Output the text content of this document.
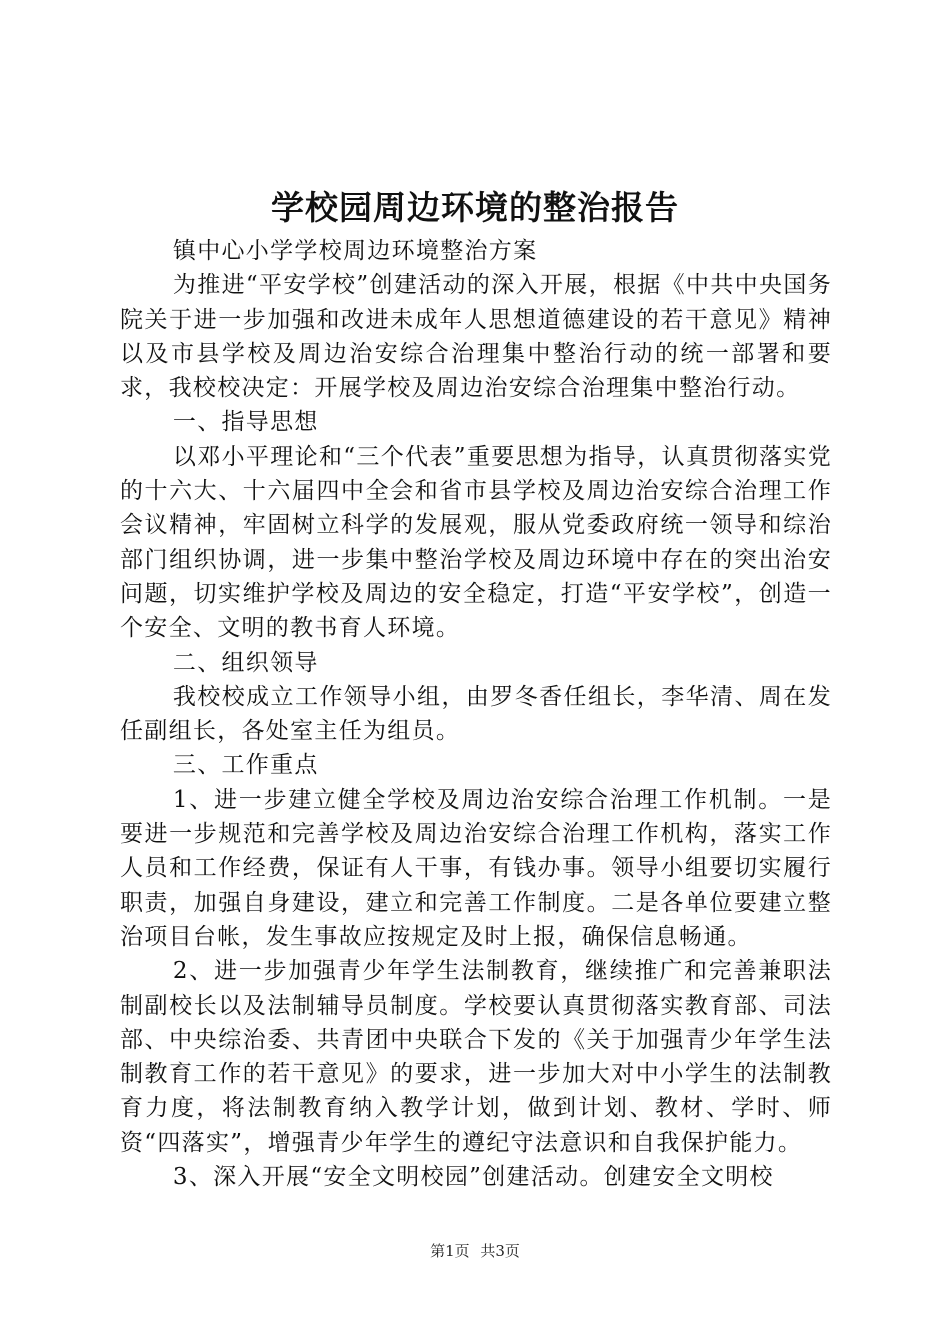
学校园周边环境的整治报告

镇中心小学学校周边环境整治方案

为推进“平安学校”创建活动的深入开展，根据《中共中央国务院关于进一步加强和改进未成年人思想道德建设的若干意见》精神以及市县学校及周边治安综合治理集中整治行动的统一部署和要求，我校校决定：开展学校及周边治安综合治理集中整治行动。

一、指导思想

以邓小平理论和“三个代表”重要思想为指导，认真贯彻落实党的十六大、十六届四中全会和省市县学校及周边治安综合治理工作会议精神，牢固树立科学的发展观，服从党委政府统一领导和综治部门组织协调，进一步集中整治学校及周边环境中存在的突出治安问题，切实维护学校及周边的安全稳定，打造“平安学校”，创造一个安全、文明的教书育人环境。

二、组织领导

我校校成立工作领导小组，由罗冬香任组长，李华清、周在发任副组长，各处室主任为组员。

三、工作重点

1、进一步建立健全学校及周边治安综合治理工作机制。一是要进一步规范和完善学校及周边治安综合治理工作机构，落实工作人员和工作经费，保证有人干事，有钱办事。领导小组要切实履行职责，加强自身建设，建立和完善工作制度。二是各单位要建立整治项目台帐，发生事故应按规定及时上报，确保信息畅通。

2、进一步加强青少年学生法制教育，继续推广和完善兼职法制副校长以及法制辅导员制度。学校要认真贯彻落实教育部、司法部、中央综治委、共青团中央联合下发的《关于加强青少年学生法制教育工作的若干意见》的要求，进一步加大对中小学生的法制教育力度，将法制教育纳入教学计划，做到计划、教材、学时、师资“四落实”，增强青少年学生的遵纪守法意识和自我保护能力。

3、深入开展“安全文明校园”创建活动。创建安全文明校

第1页 共3页
